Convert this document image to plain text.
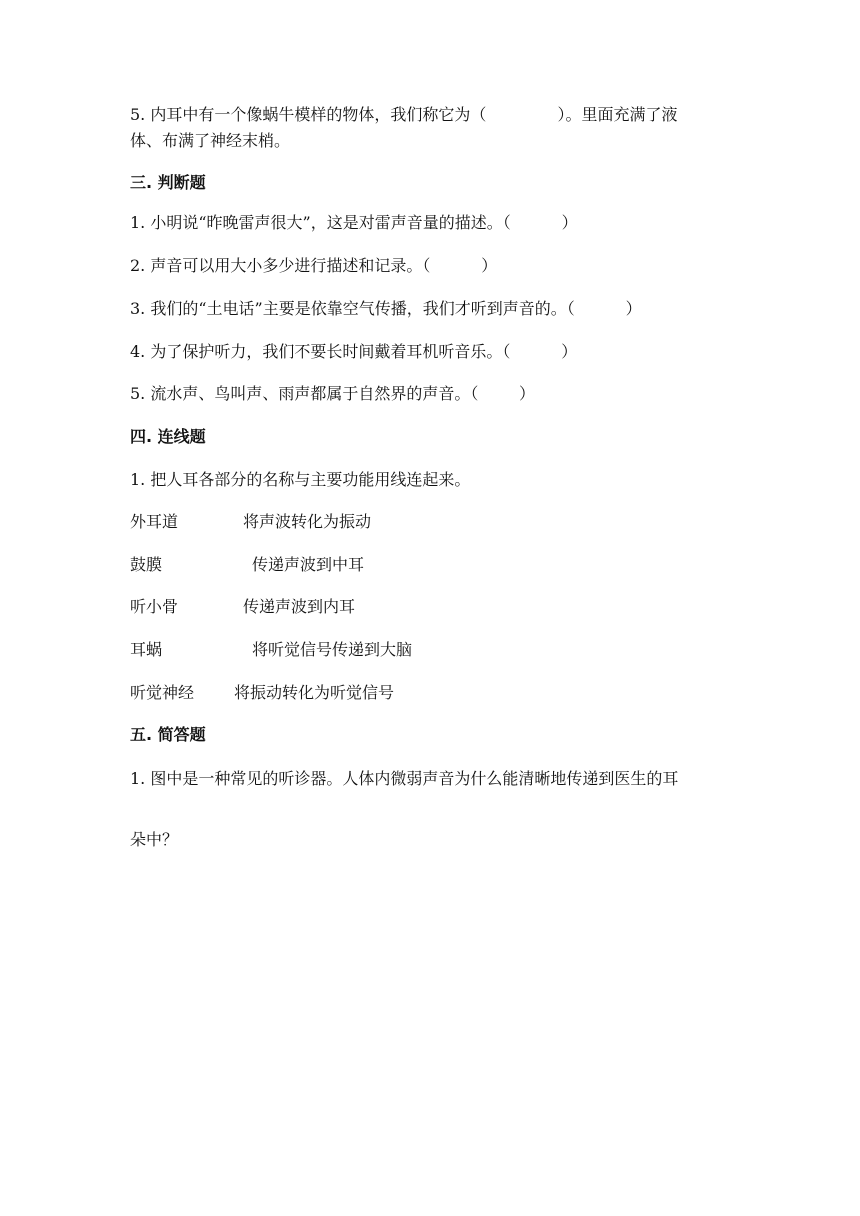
5. 内耳中有一个像蜗牛模样的物体，我们称它为（              ）。里面充满了液
体、布满了神经末梢。
三. 判断题
1. 小明说“昨晚雷声很大”，这是对雷声音量的描述。（          ）
2. 声音可以用大小多少进行描述和记录。（          ）
3. 我们的“土电话”主要是依靠空气传播，我们才听到声音的。（          ）
4. 为了保护听力，我们不要长时间戴着耳机听音乐。（          ）
5. 流水声、鸟叫声、雨声都属于自然界的声音。（        ）
四. 连线题
1. 把人耳各部分的名称与主要功能用线连起来。
外耳道	将声波转化为振动
鼓膜	传递声波到中耳
听小骨	传递声波到内耳
耳蜗	将听觉信号传递到大脑
听觉神经 将振动转化为听觉信号
五. 简答题
1. 图中是一种常见的听诊器。人体内微弱声音为什么能清晰地传递到医生的耳
朵中？
